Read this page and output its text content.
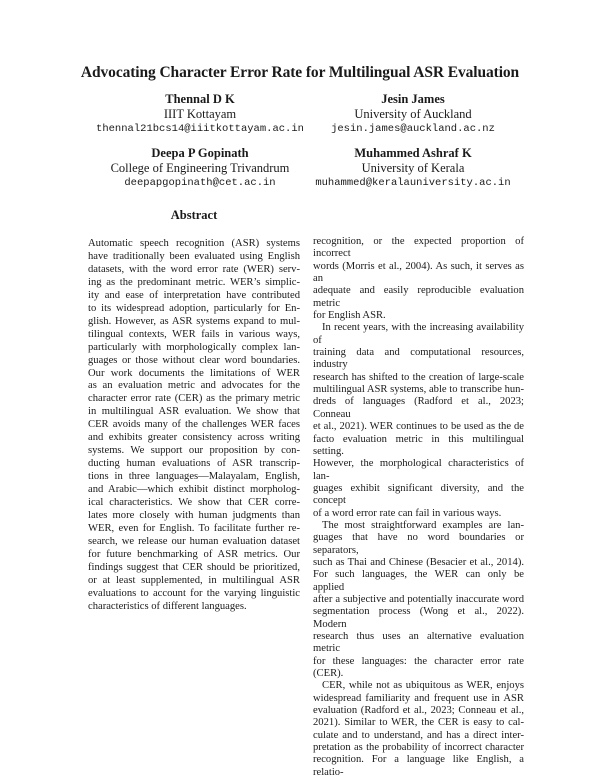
Advocating Character Error Rate for Multilingual ASR Evaluation
Thennal D K
IIIT Kottayam
thennal21bcs14@iiitkottayam.ac.in
Jesin James
University of Auckland
jesin.james@auckland.ac.nz
Deepa P Gopinath
College of Engineering Trivandrum
deepapgopinath@cet.ac.in
Muhammed Ashraf K
University of Kerala
muhammed@keralauniversity.ac.in
Abstract
Automatic speech recognition (ASR) systems
have traditionally been evaluated using English
datasets, with the word error rate (WER) serv-
ing as the predominant metric. WER’s simplic-
ity and ease of interpretation have contributed
to its widespread adoption, particularly for En-
glish. However, as ASR systems expand to mul-
tilingual contexts, WER fails in various ways,
particularly with morphologically complex lan-
guages or those without clear word boundaries.
Our work documents the limitations of WER
as an evaluation metric and advocates for the
character error rate (CER) as the primary metric
in multilingual ASR evaluation. We show that
CER avoids many of the challenges WER faces
and exhibits greater consistency across writing
systems. We support our proposition by con-
ducting human evaluations of ASR transcrip-
tions in three languages—Malayalam, English,
and Arabic—which exhibit distinct morpholog-
ical characteristics. We show that CER corre-
lates more closely with human judgments than
WER, even for English. To facilitate further re-
search, we release our human evaluation dataset
for future benchmarking of ASR metrics. Our
findings suggest that CER should be prioritized,
or at least supplemented, in multilingual ASR
evaluations to account for the varying linguistic
characteristics of different languages.
recognition, or the expected proportion of incorrect
words (Morris et al., 2004). As such, it serves as an
adequate and easily reproducible evaluation metric
for English ASR.
In recent years, with the increasing availability of
training data and computational resources, industry
research has shifted to the creation of large-scale
multilingual ASR systems, able to transcribe hun-
dreds of languages (Radford et al., 2023; Conneau
et al., 2021). WER continues to be used as the de
facto evaluation metric in this multilingual setting.
However, the morphological characteristics of lan-
guages exhibit significant diversity, and the concept
of a word error rate can fail in various ways.
The most straightforward examples are lan-
guages that have no word boundaries or separators,
such as Thai and Chinese (Besacier et al., 2014).
For such languages, the WER can only be applied
after a subjective and potentially inaccurate word
segmentation process (Wong et al., 2022). Modern
research thus uses an alternative evaluation metric
for these languages: the character error rate (CER).
CER, while not as ubiquitous as WER, enjoys
widespread familiarity and frequent use in ASR
evaluation (Radford et al., 2023; Conneau et al.,
2021). Similar to WER, the CER is easy to cal-
culate and to understand, and has a direct inter-
pretation as the probability of incorrect character
recognition. For a language like English, a relatio-
